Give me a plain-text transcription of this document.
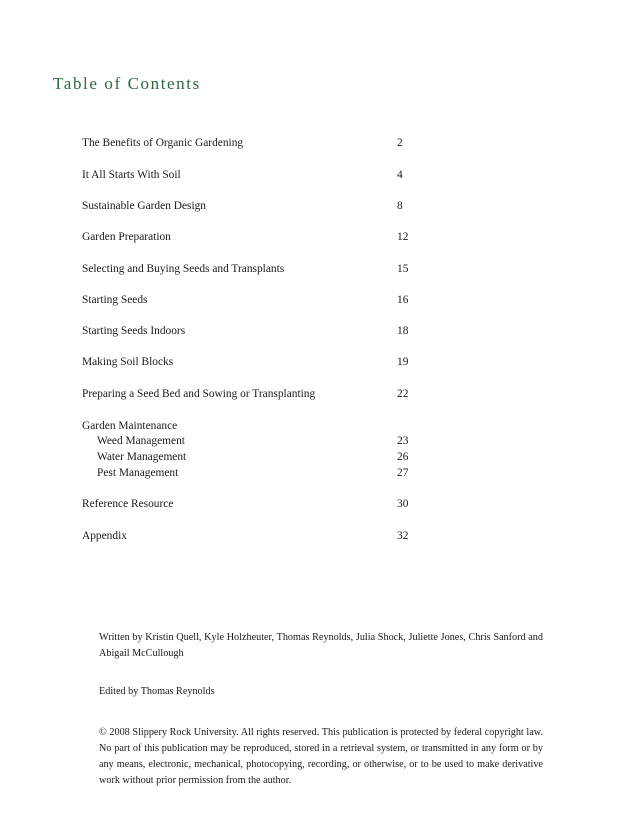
Table of Contents
The Benefits of Organic Gardening	2
It All Starts With Soil	4
Sustainable Garden Design	8
Garden Preparation	12
Selecting and Buying Seeds and Transplants	15
Starting Seeds	16
Starting Seeds Indoors	18
Making Soil Blocks	19
Preparing a Seed Bed and Sowing or Transplanting	22
Garden Maintenance
Weed Management	23
Water Management	26
Pest Management	27
Reference Resource	30
Appendix	32
Written by Kristin Quell, Kyle Holzheuter, Thomas Reynolds, Julia Shock, Juliette Jones, Chris Sanford and Abigail McCullough
Edited by Thomas Reynolds
© 2008 Slippery Rock University. All rights reserved. This publication is protected by federal copyright law. No part of this publication may be reproduced, stored in a retrieval system, or transmitted in any form or by any means, electronic, mechanical, photocopying, recording, or otherwise, or to be used to make derivative work without prior permission from the author.
